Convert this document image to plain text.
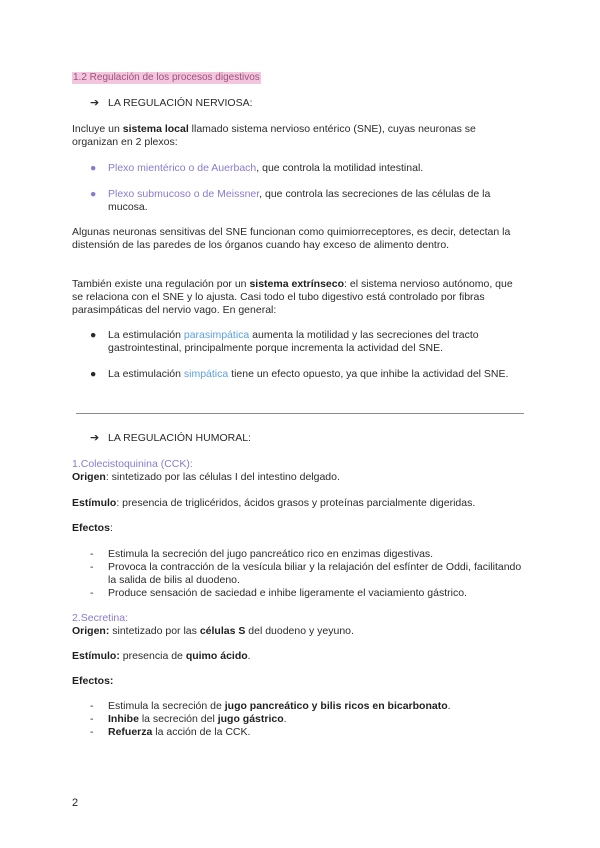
1.2 Regulación de los procesos digestivos
➔ LA REGULACIÓN NERVIOSA:
Incluye un sistema local llamado sistema nervioso entérico (SNE), cuyas neuronas se organizan en 2 plexos:
●	Plexo mientérico o de Auerbach, que controla la motilidad intestinal.
●	Plexo submucoso o de Meissner, que controla las secreciones de las células de la mucosa.
Algunas neuronas sensitivas del SNE funcionan como quimiorreceptores, es decir, detectan la distensión de las paredes de los órganos cuando hay exceso de alimento dentro.
También existe una regulación por un sistema extrínseco: el sistema nervioso autónomo, que se relaciona con el SNE y lo ajusta. Casi todo el tubo digestivo está controlado por fibras parasimpáticas del nervio vago. En general:
●	La estimulación parasimpática aumenta la motilidad y las secreciones del tracto gastrointestinal, principalmente porque incrementa la actividad del SNE.
●	La estimulación simpática tiene un efecto opuesto, ya que inhibe la actividad del SNE.
➔ LA REGULACIÓN HUMORAL:
1.Colecistoquinina (CCK):
Origen: sintetizado por las células I del intestino delgado.
Estímulo: presencia de triglicéridos, ácidos grasos y proteínas parcialmente digeridas.
Efectos:
-	Estimula la secreción del jugo pancreático rico en enzimas digestivas.
-	Provoca la contracción de la vesícula biliar y la relajación del esfínter de Oddi, facilitando la salida de bilis al duodeno.
-	Produce sensación de saciedad e inhibe ligeramente el vaciamiento gástrico.
2.Secretina:
Origen: sintetizado por las células S del duodeno y yeyuno.
Estímulo: presencia de quimo ácido.
Efectos:
-	Estimula la secreción de jugo pancreático y bilis ricos en bicarbonato.
-	Inhibe la secreción del jugo gástrico.
-	Refuerza la acción de la CCK.
2
